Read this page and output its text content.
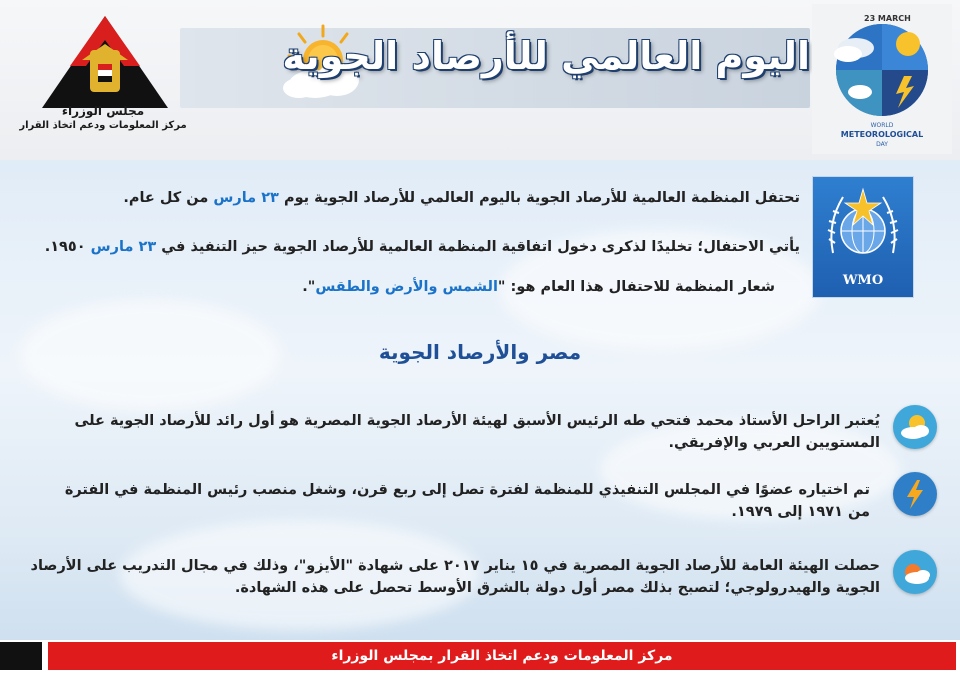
اليوم العالمي للأرصاد الجوية
مجلس الوزراء
مركز المعلومات ودعم اتخاذ القرار
23 MARCH
WORLD
METEOROLOGICAL
DAY
WMO
تحتفل المنظمة العالمية للأرصاد الجوية باليوم العالمي للأرصاد الجوية يوم ٢٣ مارس من كل عام.
يأتي الاحتفال؛ تخليدًا لذكرى دخول اتفاقية المنظمة العالمية للأرصاد الجوية حيز التنفيذ في ٢٣ مارس ١٩٥٠.
شعار المنظمة للاحتفال هذا العام هو: "الشمس والأرض والطقس".
مصر والأرصاد الجوية
يُعتبر الراحل الأستاذ محمد فتحي طه الرئيس الأسبق لهيئة الأرصاد الجوية المصرية هو أول رائد للأرصاد الجوية على المستويين العربي والإفريقي.
تم اختياره عضوًا في المجلس التنفيذي للمنظمة لفترة تصل إلى ربع قرن، وشغل منصب رئيس المنظمة في الفترة من ١٩٧١ إلى ١٩٧٩.
حصلت الهيئة العامة للأرصاد الجوية المصرية في ١٥ يناير ٢٠١٧ على شهادة "الأيزو"، وذلك في مجال التدريب على الأرصاد الجوية والهيدرولوجي؛ لتصبح بذلك مصر أول دولة بالشرق الأوسط تحصل على هذه الشهادة.
مركز المعلومات ودعم اتخاذ القرار بمجلس الوزراء
